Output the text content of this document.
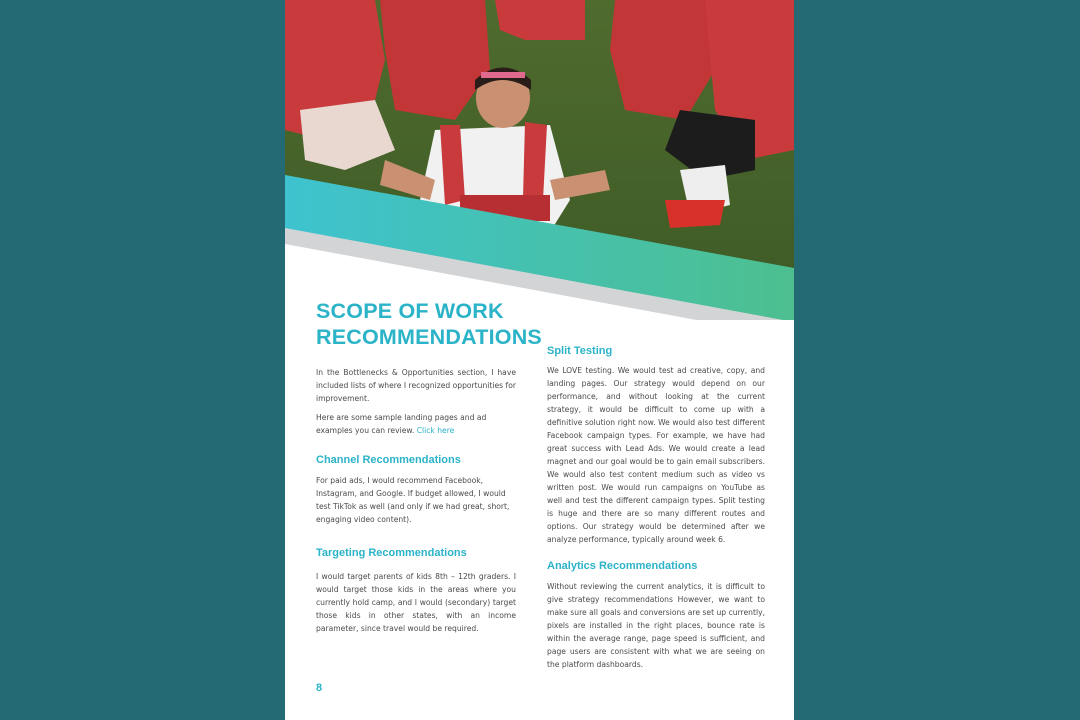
SCOPE OF WORK RECOMMENDATIONS

In the Bottlenecks & Opportunities section, I have included lists of where I recognized opportunities for improvement.

Here are some sample landing pages and ad examples you can review. Click here

Channel Recommendations

For paid ads, I would recommend Facebook, Instagram, and Google. If budget allowed, I would test TikTok as well (and only if we had great, short, engaging video content).

Targeting Recommendations

I would target parents of kids 8th – 12th graders. I would target those kids in the areas where you currently hold camp, and I would (secondary) target those kids in other states, with an income parameter, since travel would be required.

Split Testing

We LOVE testing. We would test ad creative, copy, and landing pages. Our strategy would depend on our performance, and without looking at the current strategy, it would be difficult to come up with a definitive solution right now. We would also test different Facebook campaign types. For example, we have had great success with Lead Ads. We would create a lead magnet and our goal would be to gain email subscribers. We would also test content medium such as video vs written post. We would run campaigns on YouTube as well and test the different campaign types. Split testing is huge and there are so many different routes and options. Our strategy would be determined after we analyze performance, typically around week 6.

Analytics Recommendations

Without reviewing the current analytics, it is difficult to give strategy recommendations However, we want to make sure all goals and conversions are set up currently, pixels are installed in the right places, bounce rate is within the average range, page speed is sufficient, and page users are consistent with what we are seeing on the platform dashboards.

8
